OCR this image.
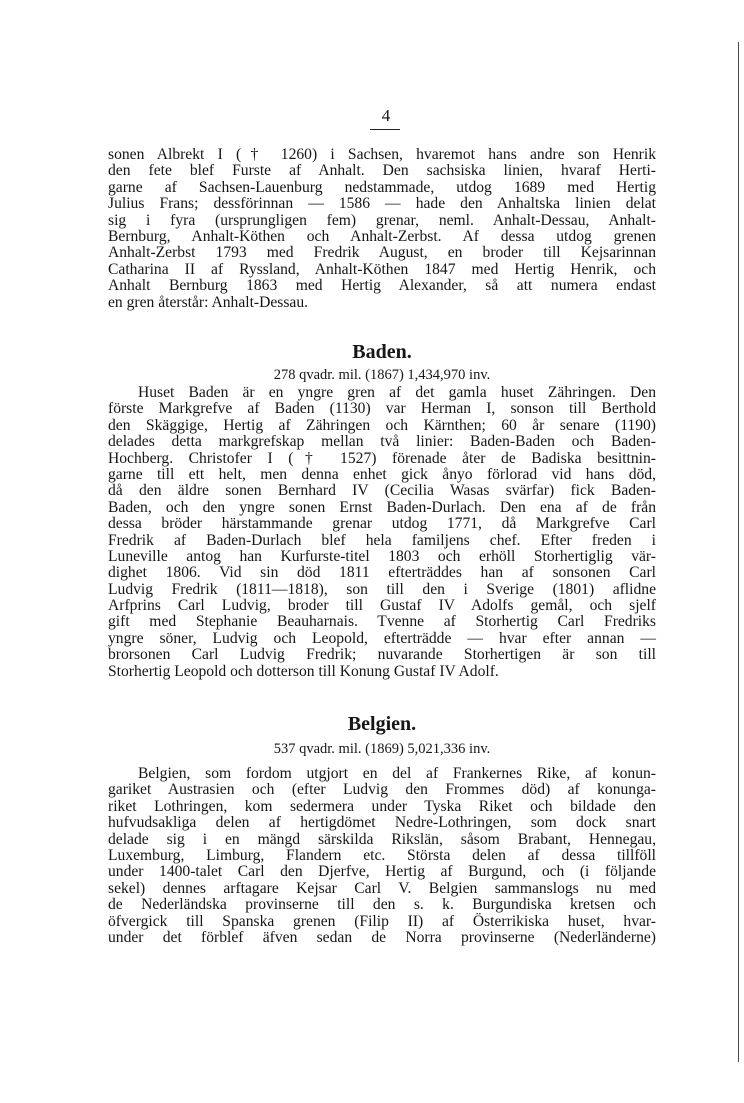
4
sonen Albrekt I († 1260) i Sachsen, hvaremot hans andre son Henrik
den fete blef Furste af Anhalt. Den sachsiska linien, hvaraf Herti-
garne af Sachsen-Lauenburg nedstammade, utdog 1689 med Hertig
Julius Frans; dessförinnan — 1586 — hade den Anhaltska linien delat
sig i fyra (ursprungligen fem) grenar, neml. Anhalt-Dessau, Anhalt-
Bernburg, Anhalt-Köthen och Anhalt-Zerbst. Af dessa utdog grenen
Anhalt-Zerbst 1793 med Fredrik August, en broder till Kejsarinnan
Catharina II af Ryssland, Anhalt-Köthen 1847 med Hertig Henrik, och
Anhalt Bernburg 1863 med Hertig Alexander, så att numera endast
en gren återstår: Anhalt-Dessau.
Baden.
278 qvadr. mil. (1867) 1,434,970 inv.
Huset Baden är en yngre gren af det gamla huset Zähringen. Den
förste Markgrefve af Baden (1130) var Herman I, sonson till Berthold
den Skäggige, Hertig af Zähringen och Kärnthen; 60 år senare (1190)
delades detta markgrefskap mellan två linier: Baden-Baden och Baden-
Hochberg. Christofer I († 1527) förenade åter de Badiska besittnin-
garne till ett helt, men denna enhet gick ånyo förlorad vid hans död,
då den äldre sonen Bernhard IV (Cecilia Wasas svärfar) fick Baden-
Baden, och den yngre sonen Ernst Baden-Durlach. Den ena af de från
dessa bröder härstammande grenar utdog 1771, då Markgrefve Carl
Fredrik af Baden-Durlach blef hela familjens chef. Efter freden i
Luneville antog han Kurfurste-titel 1803 och erhöll Storhertiglig vär-
dighet 1806. Vid sin död 1811 efterträddes han af sonsonen Carl
Ludvig Fredrik (1811—1818), son till den i Sverige (1801) aflidne
Arfprins Carl Ludvig, broder till Gustaf IV Adolfs gemål, och sjelf
gift med Stephanie Beauharnais. Tvenne af Storhertig Carl Fredriks
yngre söner, Ludvig och Leopold, efterträdde — hvar efter annan —
brorsonen Carl Ludvig Fredrik; nuvarande Storhertigen är son till
Storhertig Leopold och dotterson till Konung Gustaf IV Adolf.
Belgien.
537 qvadr. mil. (1869) 5,021,336 inv.
Belgien, som fordom utgjort en del af Frankernes Rike, af konun-
gariket Austrasien och (efter Ludvig den Frommes död) af konunga-
riket Lothringen, kom sedermera under Tyska Riket och bildade den
hufvudsakliga delen af hertigdömet Nedre-Lothringen, som dock snart
delade sig i en mängd särskilda Rikslän, såsom Brabant, Hennegau,
Luxemburg, Limburg, Flandern etc. Största delen af dessa tillföll
under 1400-talet Carl den Djerfve, Hertig af Burgund, och (i följande
sekel) dennes arftagare Kejsar Carl V. Belgien sammanslogs nu med
de Nederländska provinserne till den s. k. Burgundiska kretsen och
öfvergick till Spanska grenen (Filip II) af Österrikiska huset, hvar-
under det förblef äfven sedan de Norra provinserne (Nederländerne)
